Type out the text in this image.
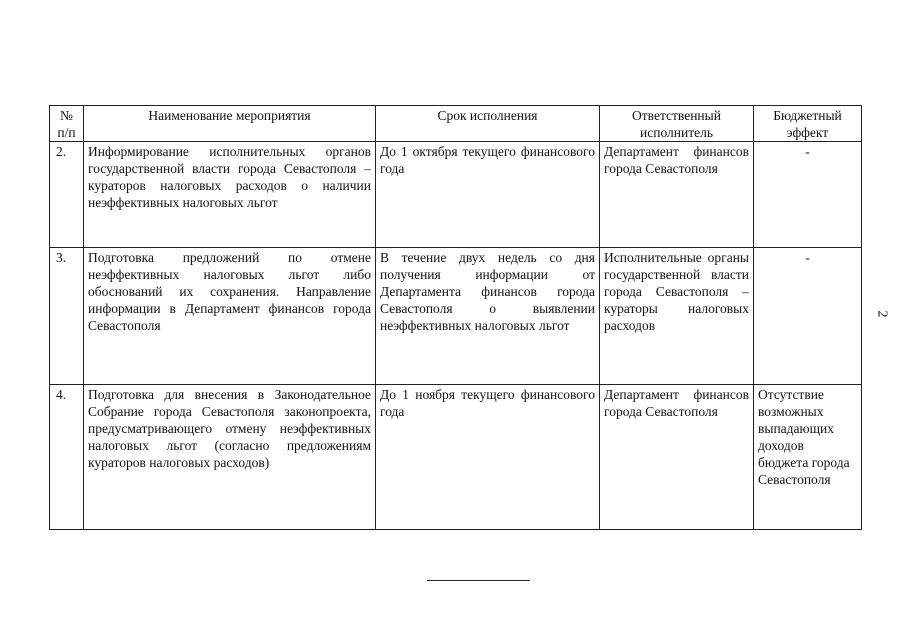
№ п/п	Наименование мероприятия	Срок исполнения	Ответственный исполнитель	Бюджетный эффект
2.	Информирование исполнительных органов государственной власти города Севастополя – кураторов налоговых расходов о наличии неэффективных налоговых льгот	До 1 октября текущего финансового года	Департамент финансов города Севастополя	-
3.	Подготовка предложений по отмене неэффективных налоговых льгот либо обоснований их сохранения. Направление информации в Департамент финансов города Севастополя	В течение двух недель со дня получения информации от Департамента финансов города Севастополя о выявлении неэффективных налоговых льгот	Исполнительные органы государственной власти города Севастополя – кураторы налоговых расходов	-
4.	Подготовка для внесения в Законодательное Собрание города Севастополя законопроекта, предусматривающего отмену неэффективных налоговых льгот (согласно предложениям кураторов налоговых расходов)	До 1 ноября текущего финансового года	Департамент финансов города Севастополя	Отсутствие возможных выпадающих доходов бюджета города Севастополя
2
